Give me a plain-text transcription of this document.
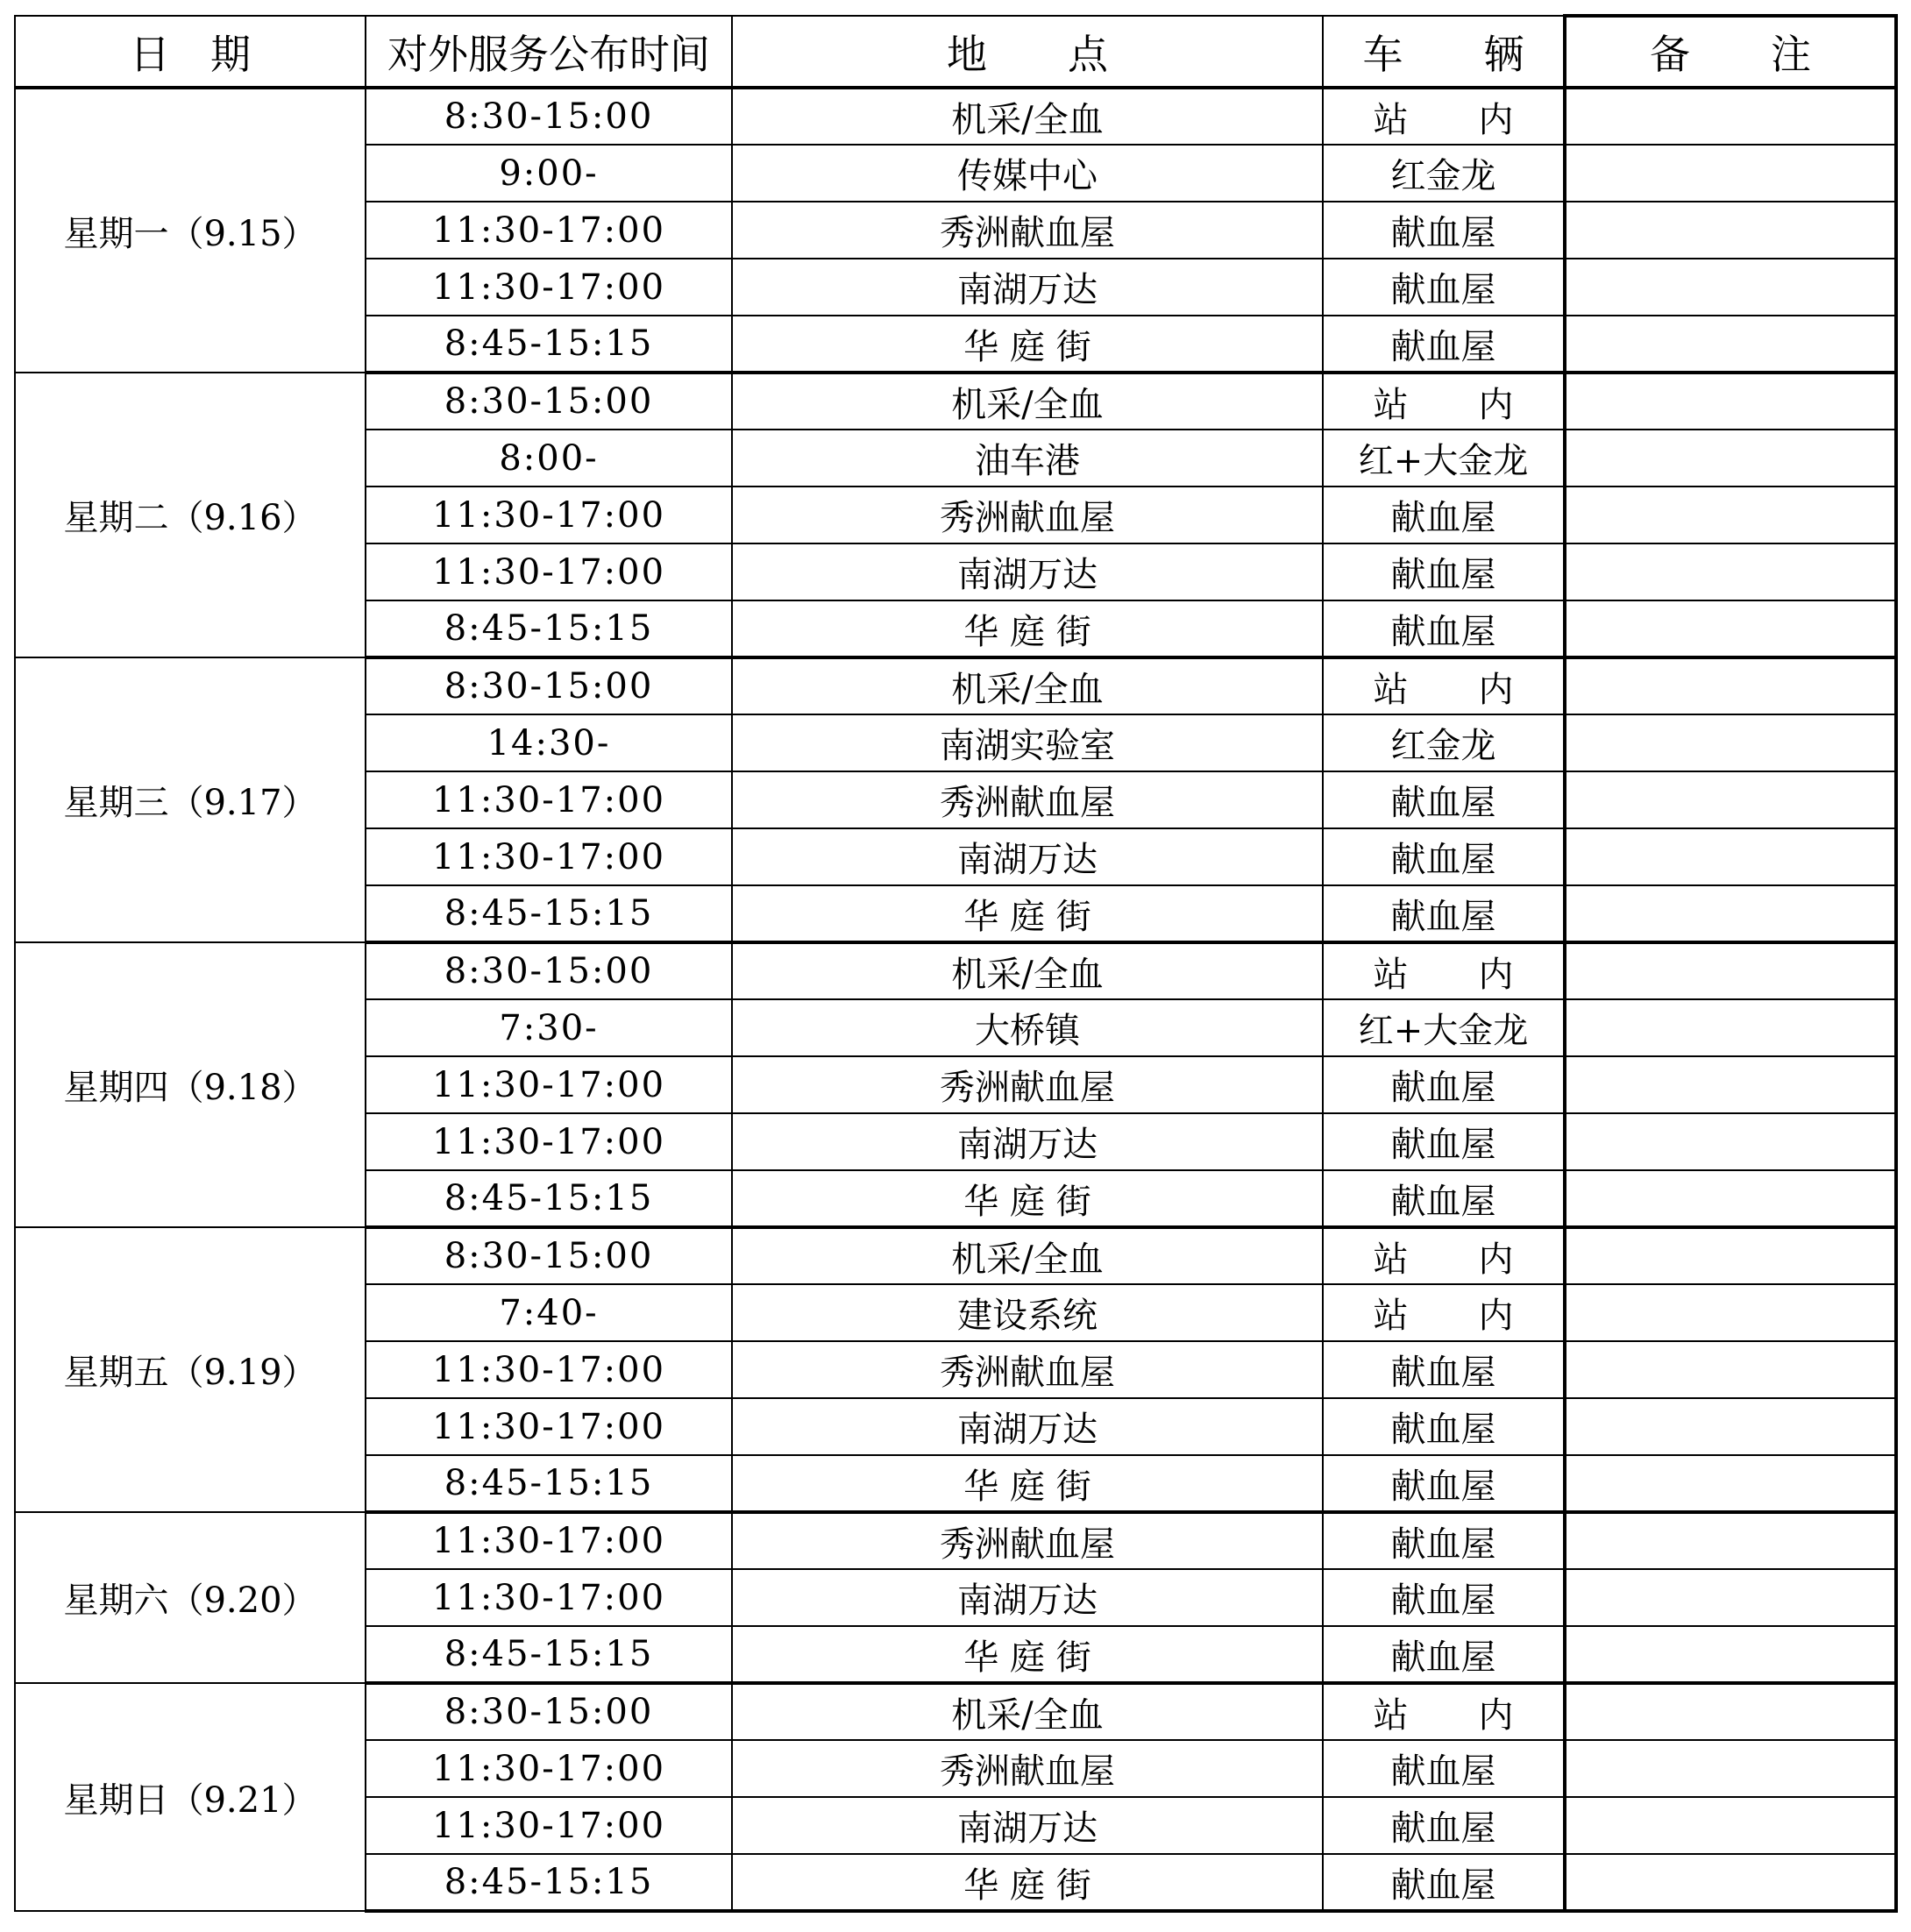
日　期	对外服务公布时间	地　　点	车　　辆	备　　注
星期一（9.15）	8:30-15:00	机采/全血	站　　内	
	9:00-	传媒中心	红金龙	
	11:30-17:00	秀洲献血屋	献血屋	
	11:30-17:00	南湖万达	献血屋	
	8:45-15:15	华 庭 街	献血屋	
星期二（9.16）	8:30-15:00	机采/全血	站　　内	
	8:00-	油车港	红+大金龙	
	11:30-17:00	秀洲献血屋	献血屋	
	11:30-17:00	南湖万达	献血屋	
	8:45-15:15	华 庭 街	献血屋	
星期三（9.17）	8:30-15:00	机采/全血	站　　内	
	14:30-	南湖实验室	红金龙	
	11:30-17:00	秀洲献血屋	献血屋	
	11:30-17:00	南湖万达	献血屋	
	8:45-15:15	华 庭 街	献血屋	
星期四（9.18）	8:30-15:00	机采/全血	站　　内	
	7:30-	大桥镇	红+大金龙	
	11:30-17:00	秀洲献血屋	献血屋	
	11:30-17:00	南湖万达	献血屋	
	8:45-15:15	华 庭 街	献血屋	
星期五（9.19）	8:30-15:00	机采/全血	站　　内	
	7:40-	建设系统	站　　内	
	11:30-17:00	秀洲献血屋	献血屋	
	11:30-17:00	南湖万达	献血屋	
	8:45-15:15	华 庭 街	献血屋	
星期六（9.20）	11:30-17:00	秀洲献血屋	献血屋	
	11:30-17:00	南湖万达	献血屋	
	8:45-15:15	华 庭 街	献血屋	
星期日（9.21）	8:30-15:00	机采/全血	站　　内	
	11:30-17:00	秀洲献血屋	献血屋	
	11:30-17:00	南湖万达	献血屋	
	8:45-15:15	华 庭 街	献血屋	
